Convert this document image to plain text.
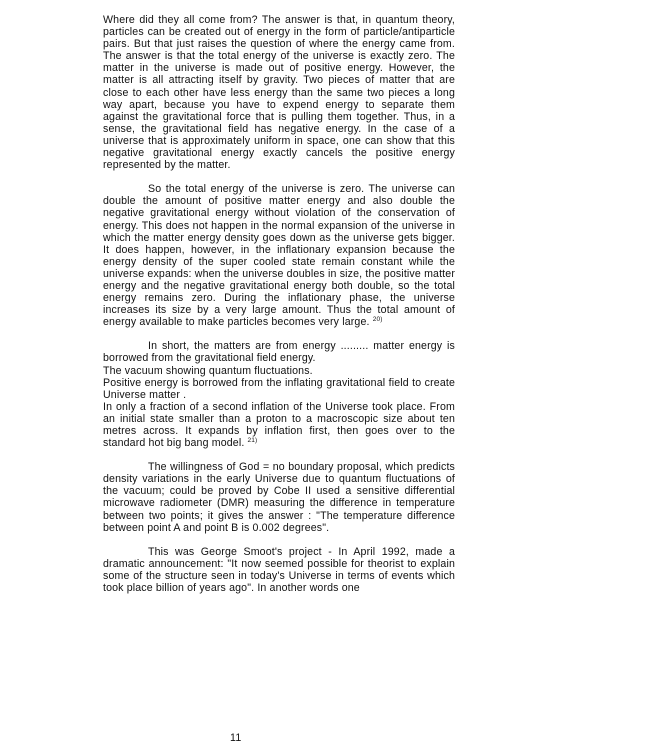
Where did they all come from? The answer is that, in quantum theory, particles can be created out of energy in the form of particle/antiparticle pairs. But that just raises the question of where the energy came from. The answer is that the total energy of the universe is exactly zero. The matter in the universe is made out of positive energy. However, the matter is all attracting itself by gravity. Two pieces of matter that are close to each other have less energy than the same two pieces a long way apart, because you have to expend energy to separate them against the gravitational force that is pulling them together. Thus, in a sense, the gravitational field has negative energy. In the case of a universe that is approximately uniform in space, one can show that this negative gravitational energy exactly cancels the positive energy represented by the matter.

So the total energy of the universe is zero. The universe can double the amount of positive matter energy and also double the negative gravitational energy without violation of the conservation of energy. This does not happen in the normal expansion of the universe in which the matter energy density goes down as the universe gets bigger. It does happen, however, in the inflationary expansion because the energy density of the super cooled state remain constant while the universe expands: when the universe doubles in size, the positive matter energy and the negative gravitational energy both double, so the total energy remains zero. During the inflationary phase, the universe increases its size by a very large amount. Thus the total amount of energy available to make particles becomes very large. $^{20)}$

In short, the matters are from energy ......... matter energy is borrowed from the gravitational field energy.

The vacuum showing quantum fluctuations.

Positive energy is borrowed from the inflating gravitational field to create Universe matter .

In only a fraction of a second inflation of the Universe took place. From an initial state smaller than a proton to a macroscopic size about ten metres across. It expands by inflation first, then goes over to the standard hot big bang model. $^{21)}$

The willingness of God = no boundary proposal, which predicts density variations in the early Universe due to quantum fluctuations of the vacuum; could be proved by Cobe II used a sensitive differential microwave radiometer (DMR) measuring the difference in temperature between two points; it gives the answer : "The temperature difference between point A and point B is 0.002 degrees".

This was George Smoot's project - In April 1992, made a dramatic announcement: "It now seemed possible for theorist to explain some of the structure seen in today's Universe in terms of events which took place billion of years ago". In another words one

11
